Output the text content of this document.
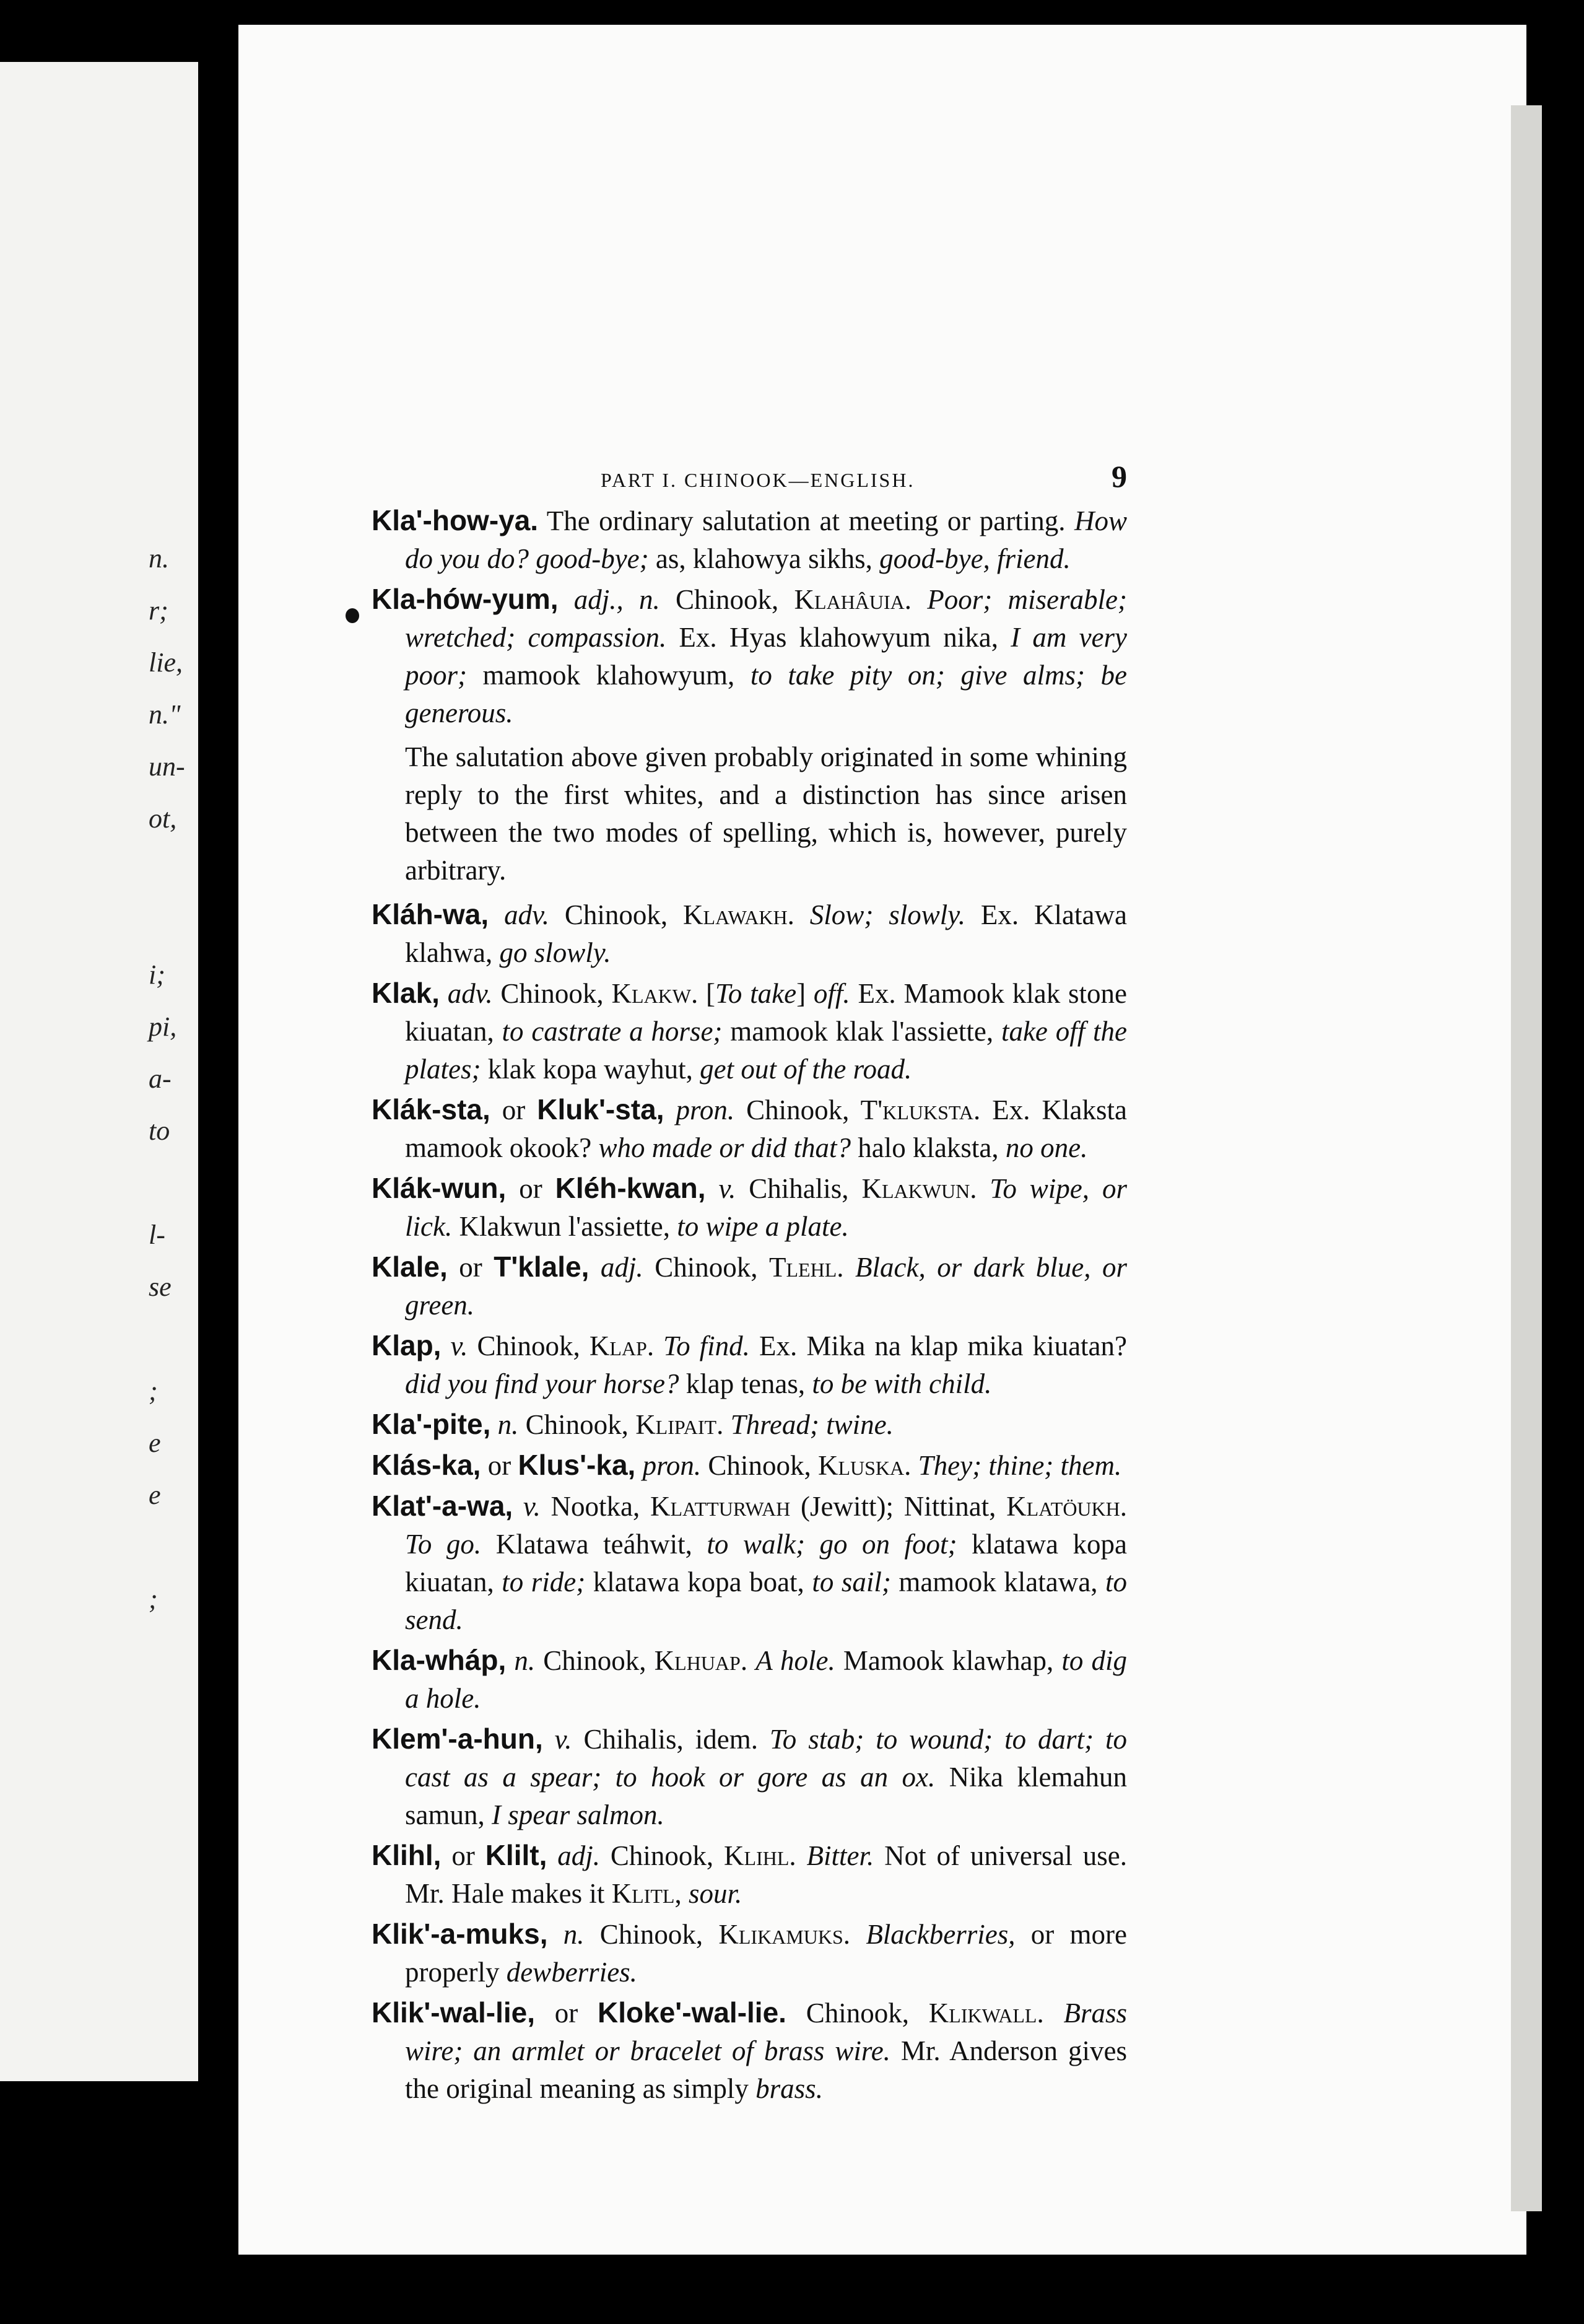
n.
r;
lie,
n."
un-
ot,
i;
pi,
a-
to
l-
se
;
e
e
;
PART I. CHINOOK—ENGLISH.	9
Kla'-how-ya. The ordinary salutation at meeting or parting. How do you do? good-bye; as, klahowya sikhs, good-bye, friend.
Kla-hów-yum, adj., n. Chinook, Klahâuia. Poor; miserable; wretched; compassion. Ex. Hyas klahowyum nika, I am very poor; mamook klahowyum, to take pity on; give alms; be generous.
The salutation above given probably originated in some whining reply to the first whites, and a distinction has since arisen between the two modes of spelling, which is, however, purely arbitrary.
Kláh-wa, adv. Chinook, Klawakh. Slow; slowly. Ex. Klatawa klahwa, go slowly.
Klak, adv. Chinook, Klakw. [To take] off. Ex. Mamook klak stone kiuatan, to castrate a horse; mamook klak l'assiette, take off the plates; klak kopa wayhut, get out of the road.
Klák-sta, or Kluk'-sta, pron. Chinook, T'kluksta. Ex. Klaksta mamook okook? who made or did that? halo klaksta, no one.
Klák-wun, or Kléh-kwan, v. Chihalis, Klakwun. To wipe, or lick. Klakwun l'assiette, to wipe a plate.
Klale, or T'klale, adj. Chinook, Tlehl. Black, or dark blue, or green.
Klap, v. Chinook, Klap. To find. Ex. Mika na klap mika kiuatan? did you find your horse? klap tenas, to be with child.
Kla'-pite, n. Chinook, Klipait. Thread; twine.
Klás-ka, or Klus'-ka, pron. Chinook, Kluska. They; thine; them.
Klat'-a-wa, v. Nootka, Klatturwah (Jewitt); Nittinat, Klatöukh. To go. Klatawa teáhwit, to walk; go on foot; klatawa kopa kiuatan, to ride; klatawa kopa boat, to sail; mamook klatawa, to send.
Kla-wháp, n. Chinook, Klhuap. A hole. Mamook klawhap, to dig a hole.
Klem'-a-hun, v. Chihalis, idem. To stab; to wound; to dart; to cast as a spear; to hook or gore as an ox. Nika klemahun samun, I spear salmon.
Klihl, or Klilt, adj. Chinook, Klihl. Bitter. Not of universal use. Mr. Hale makes it Klitl, sour.
Klik'-a-muks, n. Chinook, Klikamuks. Blackberries, or more properly dewberries.
Klik'-wal-lie, or Kloke'-wal-lie. Chinook, Klikwall. Brass wire; an armlet or bracelet of brass wire. Mr. Anderson gives the original meaning as simply brass.
